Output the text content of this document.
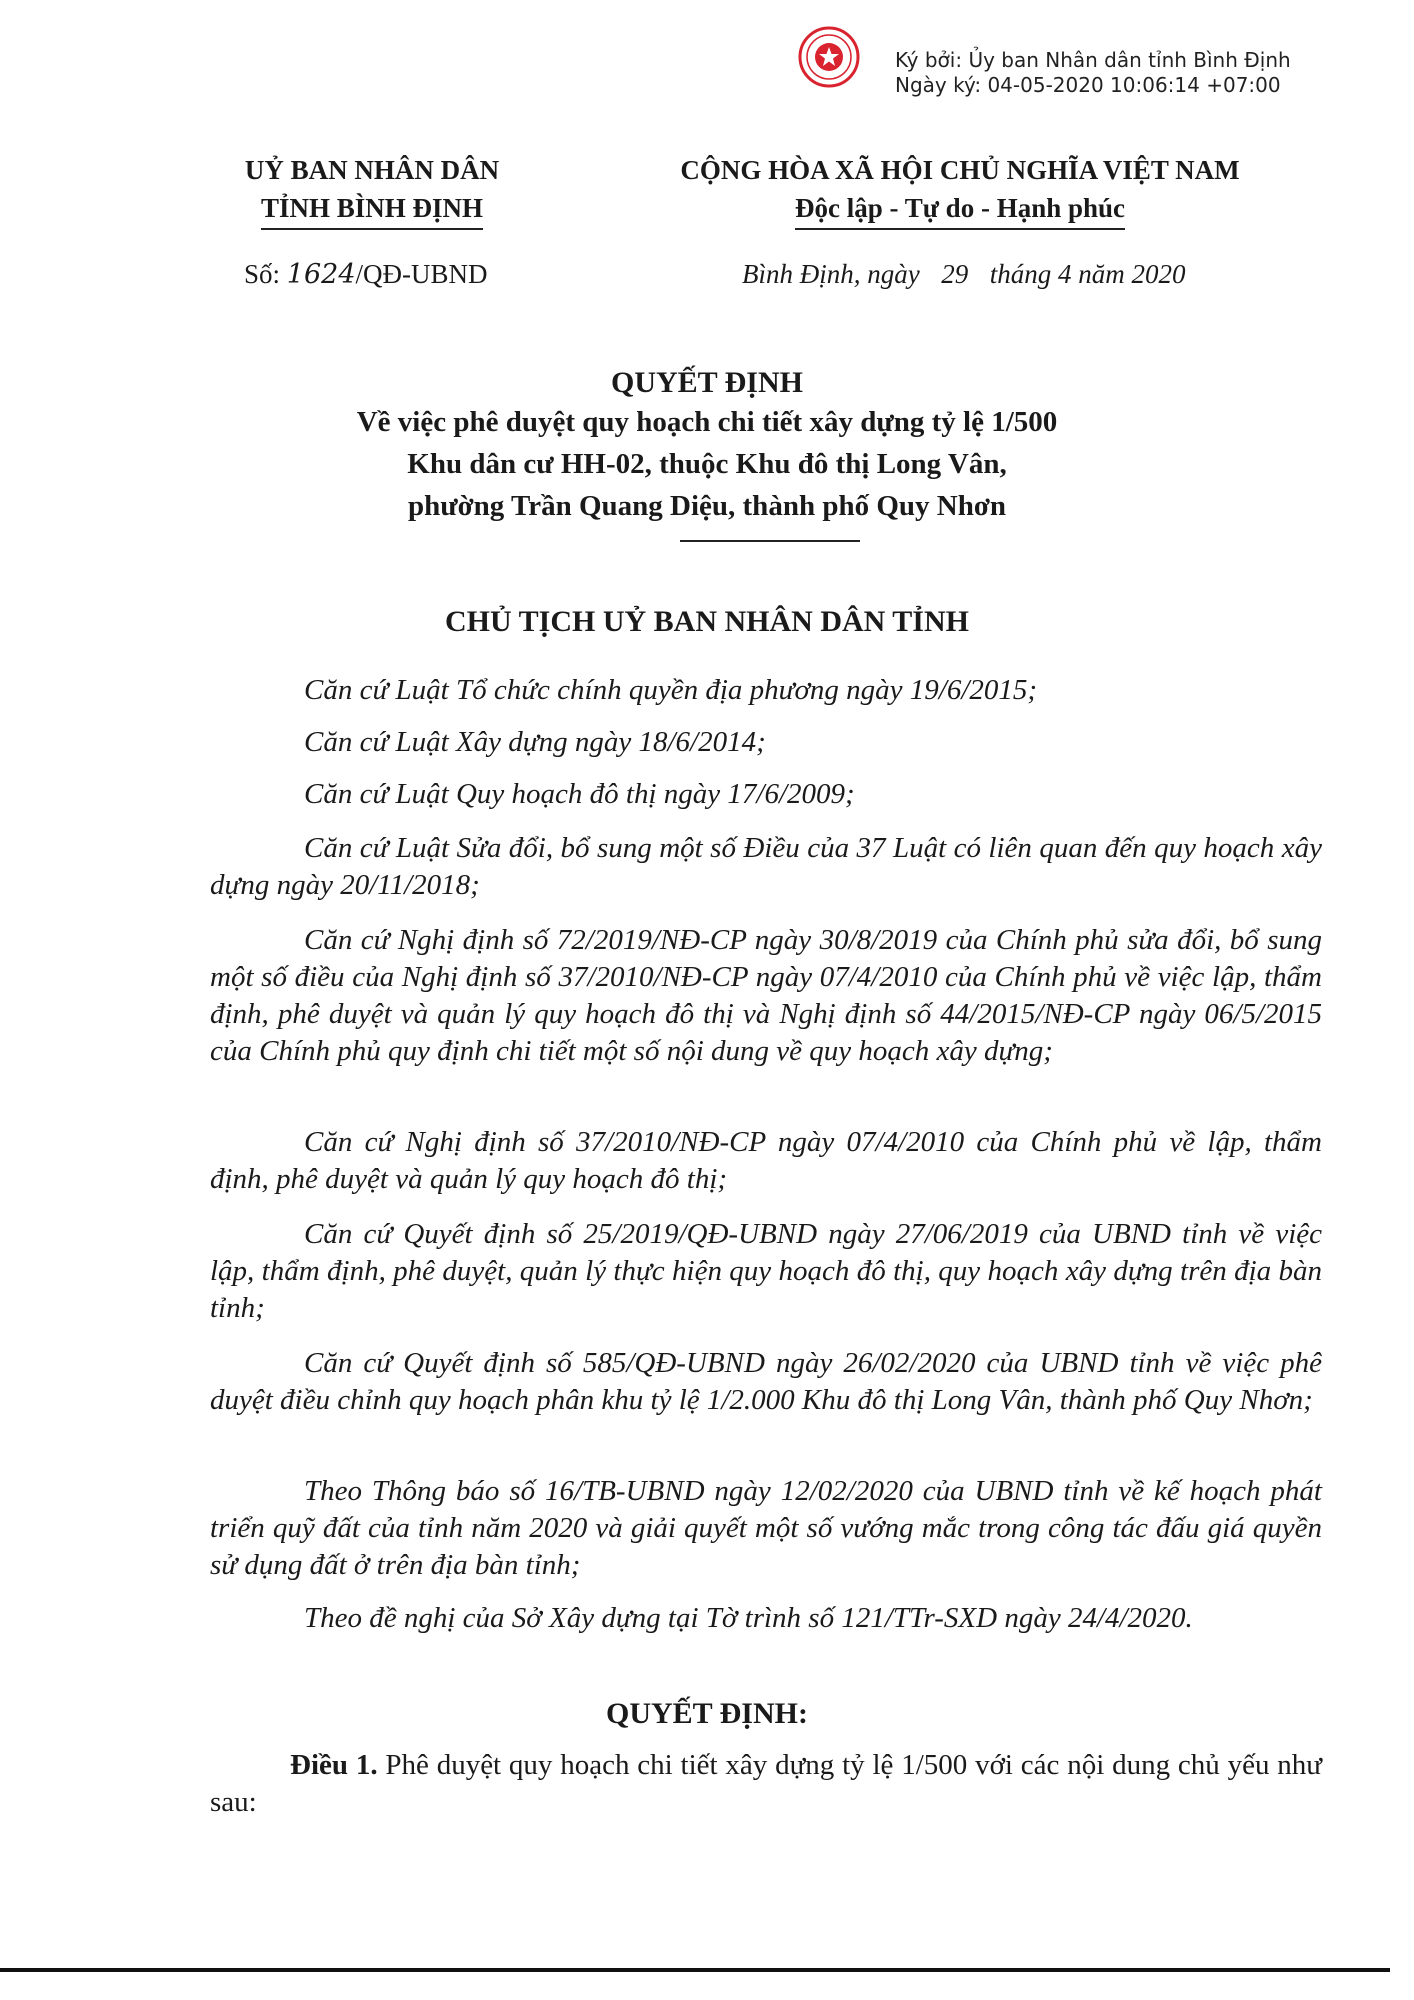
Ký bởi: Ủy ban Nhân dân tỉnh Bình Định
Ngày ký: 04-05-2020 10:06:14 +07:00
UỶ BAN NHÂN DÂN
TỈNH BÌNH ĐỊNH
CỘNG HÒA XÃ HỘI CHỦ NGHĨA VIỆT NAM
Độc lập - Tự do - Hạnh phúc
Số: 1624/QĐ-UBND	Bình Định, ngày 29 tháng 4 năm 2020
QUYẾT ĐỊNH
Về việc phê duyệt quy hoạch chi tiết xây dựng tỷ lệ 1/500
Khu dân cư HH-02, thuộc Khu đô thị Long Vân,
phường Trần Quang Diệu, thành phố Quy Nhơn
CHỦ TỊCH UỶ BAN NHÂN DÂN TỈNH
Căn cứ Luật Tổ chức chính quyền địa phương ngày 19/6/2015;
Căn cứ Luật Xây dựng ngày 18/6/2014;
Căn cứ Luật Quy hoạch đô thị ngày 17/6/2009;
Căn cứ Luật Sửa đổi, bổ sung một số Điều của 37 Luật có liên quan đến quy hoạch xây dựng ngày 20/11/2018;
Căn cứ Nghị định số 72/2019/NĐ-CP ngày 30/8/2019 của Chính phủ sửa đổi, bổ sung một số điều của Nghị định số 37/2010/NĐ-CP ngày 07/4/2010 của Chính phủ về việc lập, thẩm định, phê duyệt và quản lý quy hoạch đô thị và Nghị định số 44/2015/NĐ-CP ngày 06/5/2015 của Chính phủ quy định chi tiết một số nội dung về quy hoạch xây dựng;
Căn cứ Nghị định số 37/2010/NĐ-CP ngày 07/4/2010 của Chính phủ về lập, thẩm định, phê duyệt và quản lý quy hoạch đô thị;
Căn cứ Quyết định số 25/2019/QĐ-UBND ngày 27/06/2019 của UBND tỉnh về việc lập, thẩm định, phê duyệt, quản lý thực hiện quy hoạch đô thị, quy hoạch xây dựng trên địa bàn tỉnh;
Căn cứ Quyết định số 585/QĐ-UBND ngày 26/02/2020 của UBND tỉnh về việc phê duyệt điều chỉnh quy hoạch phân khu tỷ lệ 1/2.000 Khu đô thị Long Vân, thành phố Quy Nhơn;
Theo Thông báo số 16/TB-UBND ngày 12/02/2020 của UBND tỉnh về kế hoạch phát triển quỹ đất của tỉnh năm 2020 và giải quyết một số vướng mắc trong công tác đấu giá quyền sử dụng đất ở trên địa bàn tỉnh;
Theo đề nghị của Sở Xây dựng tại Tờ trình số 121/TTr-SXD ngày 24/4/2020.
QUYẾT ĐỊNH:
Điều 1. Phê duyệt quy hoạch chi tiết xây dựng tỷ lệ 1/500 với các nội dung chủ yếu như sau:
